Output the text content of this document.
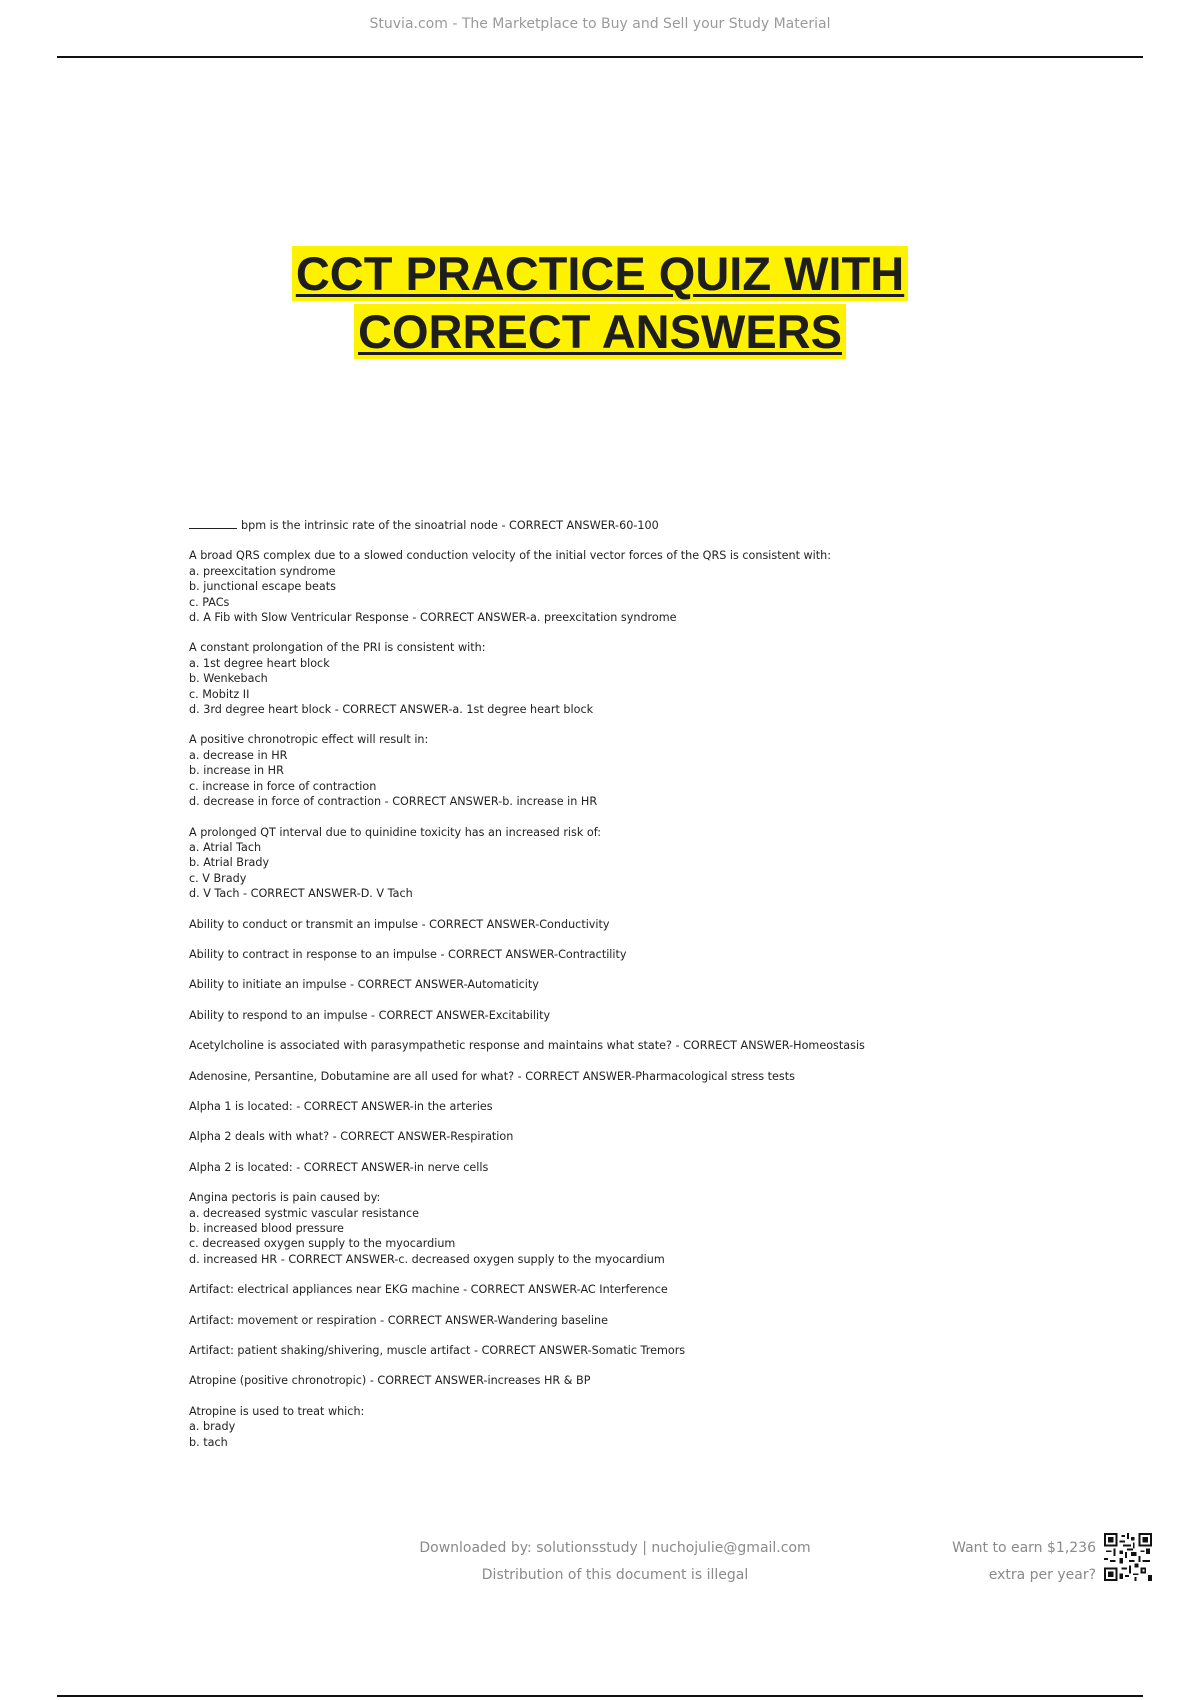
Stuvia.com - The Marketplace to Buy and Sell your Study Material
CCT PRACTICE QUIZ WITH
CORRECT ANSWERS
bpm is the intrinsic rate of the sinoatrial node - CORRECT ANSWER-60-100
A broad QRS complex due to a slowed conduction velocity of the initial vector forces of the QRS is consistent with:
a. preexcitation syndrome
b. junctional escape beats
c. PACs
d. A Fib with Slow Ventricular Response - CORRECT ANSWER-a. preexcitation syndrome
A constant prolongation of the PRI is consistent with:
a. 1st degree heart block
b. Wenkebach
c. Mobitz II
d. 3rd degree heart block - CORRECT ANSWER-a. 1st degree heart block
A positive chronotropic effect will result in:
a. decrease in HR
b. increase in HR
c. increase in force of contraction
d. decrease in force of contraction - CORRECT ANSWER-b. increase in HR
A prolonged QT interval due to quinidine toxicity has an increased risk of:
a. Atrial Tach
b. Atrial Brady
c. V Brady
d. V Tach - CORRECT ANSWER-D. V Tach
Ability to conduct or transmit an impulse - CORRECT ANSWER-Conductivity
Ability to contract in response to an impulse - CORRECT ANSWER-Contractility
Ability to initiate an impulse - CORRECT ANSWER-Automaticity
Ability to respond to an impulse - CORRECT ANSWER-Excitability
Acetylcholine is associated with parasympathetic response and maintains what state? - CORRECT ANSWER-Homeostasis
Adenosine, Persantine, Dobutamine are all used for what? - CORRECT ANSWER-Pharmacological stress tests
Alpha 1 is located: - CORRECT ANSWER-in the arteries
Alpha 2 deals with what? - CORRECT ANSWER-Respiration
Alpha 2 is located: - CORRECT ANSWER-in nerve cells
Angina pectoris is pain caused by:
a. decreased systmic vascular resistance
b. increased blood pressure
c. decreased oxygen supply to the myocardium
d. increased HR - CORRECT ANSWER-c. decreased oxygen supply to the myocardium
Artifact: electrical appliances near EKG machine - CORRECT ANSWER-AC Interference
Artifact: movement or respiration - CORRECT ANSWER-Wandering baseline
Artifact: patient shaking/shivering, muscle artifact - CORRECT ANSWER-Somatic Tremors
Atropine (positive chronotropic) - CORRECT ANSWER-increases HR & BP
Atropine is used to treat which:
a. brady
b. tach
Downloaded by: solutionsstudy | nuchojulie@gmail.com
Distribution of this document is illegal
Want to earn $1,236
extra per year?
